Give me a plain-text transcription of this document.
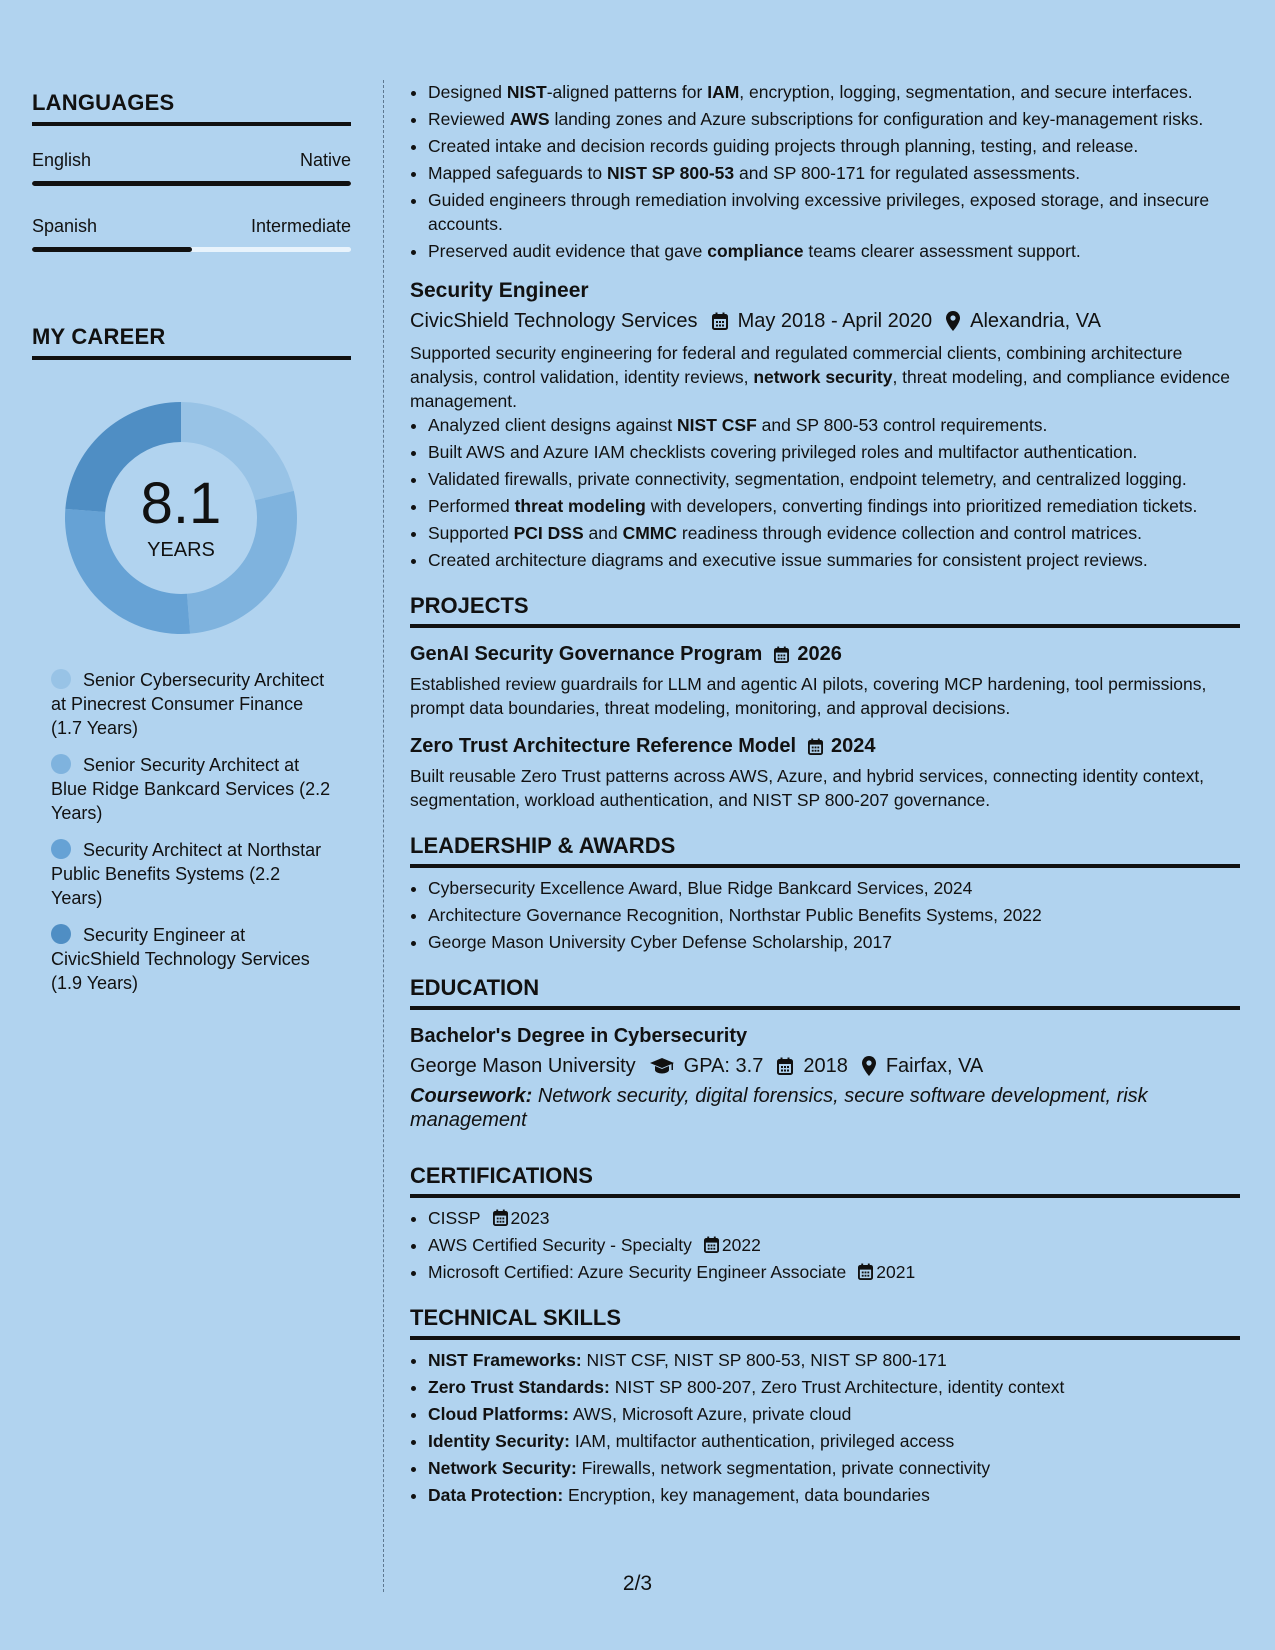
LANGUAGES
English	Native
Spanish	Intermediate
MY CAREER
8.1
YEARS
Senior Cybersecurity Architect at Pinecrest Consumer Finance (1.7 Years)
Senior Security Architect at Blue Ridge Bankcard Services (2.2 Years)
Security Architect at Northstar Public Benefits Systems (2.2 Years)
Security Engineer at CivicShield Technology Services (1.9 Years)
• Designed NIST-aligned patterns for IAM, encryption, logging, segmentation, and secure interfaces.
• Reviewed AWS landing zones and Azure subscriptions for configuration and key-management risks.
• Created intake and decision records guiding projects through planning, testing, and release.
• Mapped safeguards to NIST SP 800-53 and SP 800-171 for regulated assessments.
• Guided engineers through remediation involving excessive privileges, exposed storage, and insecure accounts.
• Preserved audit evidence that gave compliance teams clearer assessment support.
Security Engineer
CivicShield Technology Services May 2018 - April 2020 Alexandria, VA
Supported security engineering for federal and regulated commercial clients, combining architecture analysis, control validation, identity reviews, network security, threat modeling, and compliance evidence management.
• Analyzed client designs against NIST CSF and SP 800-53 control requirements.
• Built AWS and Azure IAM checklists covering privileged roles and multifactor authentication.
• Validated firewalls, private connectivity, segmentation, endpoint telemetry, and centralized logging.
• Performed threat modeling with developers, converting findings into prioritized remediation tickets.
• Supported PCI DSS and CMMC readiness through evidence collection and control matrices.
• Created architecture diagrams and executive issue summaries for consistent project reviews.
PROJECTS
GenAI Security Governance Program 2026
Established review guardrails for LLM and agentic AI pilots, covering MCP hardening, tool permissions, prompt data boundaries, threat modeling, monitoring, and approval decisions.
Zero Trust Architecture Reference Model 2024
Built reusable Zero Trust patterns across AWS, Azure, and hybrid services, connecting identity context, segmentation, workload authentication, and NIST SP 800-207 governance.
LEADERSHIP & AWARDS
• Cybersecurity Excellence Award, Blue Ridge Bankcard Services, 2024
• Architecture Governance Recognition, Northstar Public Benefits Systems, 2022
• George Mason University Cyber Defense Scholarship, 2017
EDUCATION
Bachelor's Degree in Cybersecurity
George Mason University GPA: 3.7 2018 Fairfax, VA
Coursework: Network security, digital forensics, secure software development, risk management
CERTIFICATIONS
• CISSP 2023
• AWS Certified Security - Specialty 2022
• Microsoft Certified: Azure Security Engineer Associate 2021
TECHNICAL SKILLS
• NIST Frameworks: NIST CSF, NIST SP 800-53, NIST SP 800-171
• Zero Trust Standards: NIST SP 800-207, Zero Trust Architecture, identity context
• Cloud Platforms: AWS, Microsoft Azure, private cloud
• Identity Security: IAM, multifactor authentication, privileged access
• Network Security: Firewalls, network segmentation, private connectivity
• Data Protection: Encryption, key management, data boundaries
2/3
